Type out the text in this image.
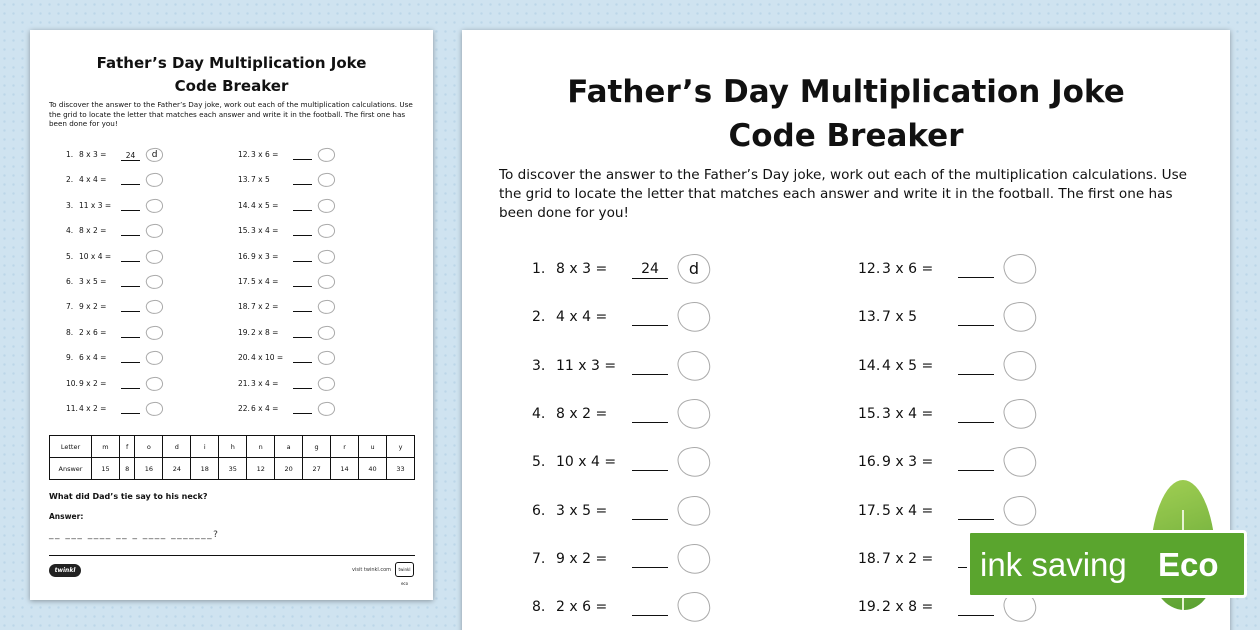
Father’s Day Multiplication Joke
Code Breaker
To discover the answer to the Father’s Day joke, work out each of the multiplication calculations. Use the grid to locate the letter that matches each answer and write it in the football. The first one has been done for you!
1. 8 x 3 =	24	d
2. 4 x 4 =
3. 11 x 3 =
4. 8 x 2 =
5. 10 x 4 =
6. 3 x 5 =
7. 9 x 2 =
8. 2 x 6 =
9. 6 x 4 =
10.9 x 2 =
11.4 x 2 =
12.3 x 6 =
13.7 x 5
14.4 x 5 =
15.3 x 4 =
16.9 x 3 =
17.5 x 4 =
18.7 x 2 =
19.2 x 8 =
20.4 x 10 =
21.3 x 4 =
22.6 x 4 =
Letter	m	f	o	d	i	h	n	a	g	r	u	y
Answer	15	8	16	24	18	35	12	20	27	14	40	33
What did Dad’s tie say to his neck?
Answer:
__ ___ ____ __ _ ____ _______?
twinkl	visit twinkl.com	twinkl eco
Father’s Day Multiplication Joke
Code Breaker
To discover the answer to the Father’s Day joke, work out each of the multiplication calculations. Use the grid to locate the letter that matches each answer and write it in the football. The first one has been done for you!
1. 8 x 3 = 24	d
2. 4 x 4 =
3. 11 x 3 =
4. 8 x 2 =
5. 10 x 4 =
6. 3 x 5 =
7. 9 x 2 =
8. 2 x 6 =
12. 3 x 6 =
13. 7 x 5
14. 4 x 5 =
15. 3 x 4 =
16. 9 x 3 =
17. 5 x 4 =
18. 7 x 2 =
19. 2 x 8 =
ink saving Eco
